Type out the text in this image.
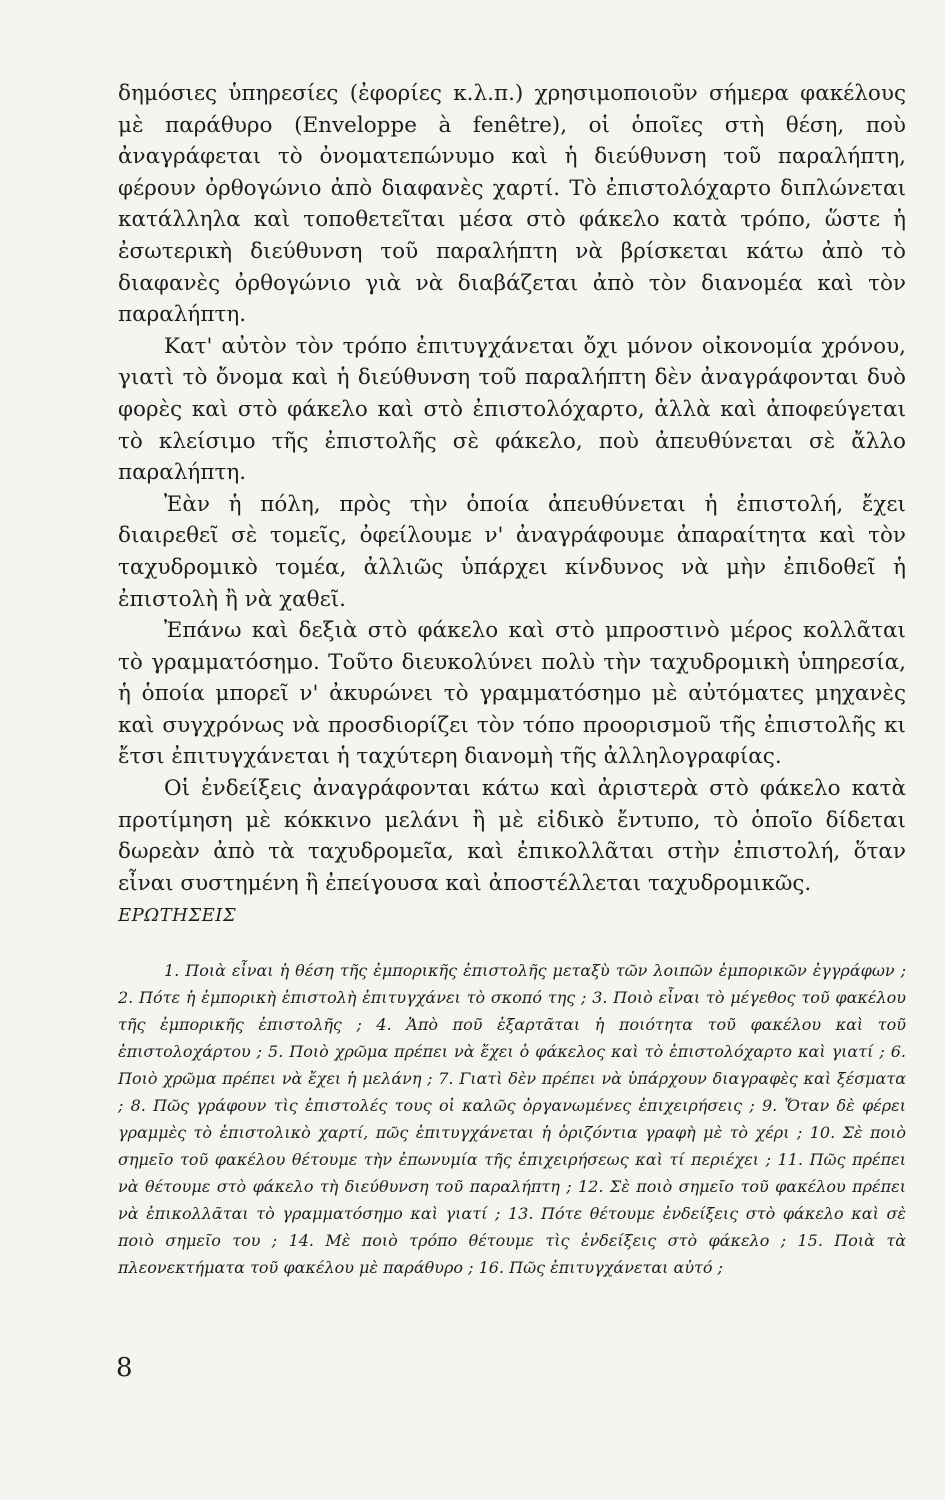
δημόσιες ὑπηρεσίες (ἐφορίες κ.λ.π.) χρησιμοποιοῦν σήμερα φακέλους μὲ παράθυρο (Enveloppe à fenêtre), οἱ ὁποῖες στὴ θέση, ποὺ ἀναγράφεται τὸ ὀνοματεπώνυμο καὶ ἡ διεύθυνση τοῦ παραλήπτη, φέρουν ὀρθογώνιο ἀπὸ διαφανὲς χαρτί. Τὸ ἐπιστολόχαρτο διπλώνεται κατάλληλα καὶ τοποθετεῖται μέσα στὸ φάκελο κατὰ τρόπο, ὥστε ἡ ἐσωτερικὴ διεύθυνση τοῦ παραλήπτη νὰ βρίσκεται κάτω ἀπὸ τὸ διαφανὲς ὀρθογώνιο γιὰ νὰ διαβάζεται ἀπὸ τὸν διανομέα καὶ τὸν παραλήπτη.

Κατ' αὐτὸν τὸν τρόπο ἐπιτυγχάνεται ὄχι μόνον οἰκονομία χρόνου, γιατὶ τὸ ὄνομα καὶ ἡ διεύθυνση τοῦ παραλήπτη δὲν ἀναγράφονται δυὸ φορὲς καὶ στὸ φάκελο καὶ στὸ ἐπιστολόχαρτο, ἀλλὰ καὶ ἀποφεύγεται τὸ κλείσιμο τῆς ἐπιστολῆς σὲ φάκελο, ποὺ ἀπευθύνεται σὲ ἄλλο παραλήπτη.

Ἐὰν ἡ πόλη, πρὸς τὴν ὁποία ἀπευθύνεται ἡ ἐπιστολή, ἔχει διαιρεθεῖ σὲ τομεῖς, ὀφείλουμε ν' ἀναγράφουμε ἀπαραίτητα καὶ τὸν ταχυδρομικὸ τομέα, ἀλλιῶς ὑπάρχει κίνδυνος νὰ μὴν ἐπιδοθεῖ ἡ ἐπιστολὴ ἢ νὰ χαθεῖ.

Ἐπάνω καὶ δεξιὰ στὸ φάκελο καὶ στὸ μπροστινὸ μέρος κολλᾶται τὸ γραμματόσημο. Τοῦτο διευκολύνει πολὺ τὴν ταχυδρομικὴ ὑπηρεσία, ἡ ὁποία μπορεῖ ν' ἀκυρώνει τὸ γραμματόσημο μὲ αὐτόματες μηχανὲς καὶ συγχρόνως νὰ προσδιορίζει τὸν τόπο προορισμοῦ τῆς ἐπιστολῆς κι ἔτσι ἐπιτυγχάνεται ἡ ταχύτερη διανομὴ τῆς ἀλληλογραφίας.

Οἱ ἐνδείξεις ἀναγράφονται κάτω καὶ ἀριστερὰ στὸ φάκελο κατὰ προτίμηση μὲ κόκκινο μελάνι ἢ μὲ εἰδικὸ ἔντυπο, τὸ ὁποῖο δίδεται δωρεὰν ἀπὸ τὰ ταχυδρομεῖα, καὶ ἐπικολλᾶται στὴν ἐπιστολή, ὅταν εἶναι συστημένη ἢ ἐπείγουσα καὶ ἀποστέλλεται ταχυδρομικῶς.

ΕΡΩΤΗΣΕΙΣ

1. Ποιὰ εἶναι ἡ θέση τῆς ἐμπορικῆς ἐπιστολῆς μεταξὺ τῶν λοιπῶν ἐμπορικῶν ἐγγράφων ; 2. Πότε ἡ ἐμπορικὴ ἐπιστολὴ ἐπιτυγχάνει τὸ σκοπό της ; 3. Ποιὸ εἶναι τὸ μέγεθος τοῦ φακέλου τῆς ἐμπορικῆς ἐπιστολῆς ; 4. Ἀπὸ ποῦ ἐξαρτᾶται ἡ ποιότητα τοῦ φακέλου καὶ τοῦ ἐπιστολοχάρτου ; 5. Ποιὸ χρῶμα πρέπει νὰ ἔχει ὁ φάκελος καὶ τὸ ἐπιστολόχαρτο καὶ γιατί ; 6. Ποιὸ χρῶμα πρέπει νὰ ἔχει ἡ μελάνη ; 7. Γιατὶ δὲν πρέπει νὰ ὑπάρχουν διαγραφὲς καὶ ξέσματα ; 8. Πῶς γράφουν τὶς ἐπιστολές τους οἱ καλῶς ὀργανωμένες ἐπιχειρήσεις ; 9. Ὅταν δὲ φέρει γραμμὲς τὸ ἐπιστολικὸ χαρτί, πῶς ἐπιτυγχάνεται ἡ ὁριζόντια γραφὴ μὲ τὸ χέρι ; 10. Σὲ ποιὸ σημεῖο τοῦ φακέλου θέτουμε τὴν ἐπωνυμία τῆς ἐπιχειρήσεως καὶ τί περιέχει ; 11. Πῶς πρέπει νὰ θέτουμε στὸ φάκελο τὴ διεύθυνση τοῦ παραλήπτη ; 12. Σὲ ποιὸ σημεῖο τοῦ φακέλου πρέπει νὰ ἐπικολλᾶται τὸ γραμματόσημο καὶ γιατί ; 13. Πότε θέτουμε ἐνδείξεις στὸ φάκελο καὶ σὲ ποιὸ σημεῖο του ; 14. Μὲ ποιὸ τρόπο θέτουμε τὶς ἐνδείξεις στὸ φάκελο ; 15. Ποιὰ τὰ πλεονεκτήματα τοῦ φακέλου μὲ παράθυρο ; 16. Πῶς ἐπιτυγχάνεται αὐτό ;

8
